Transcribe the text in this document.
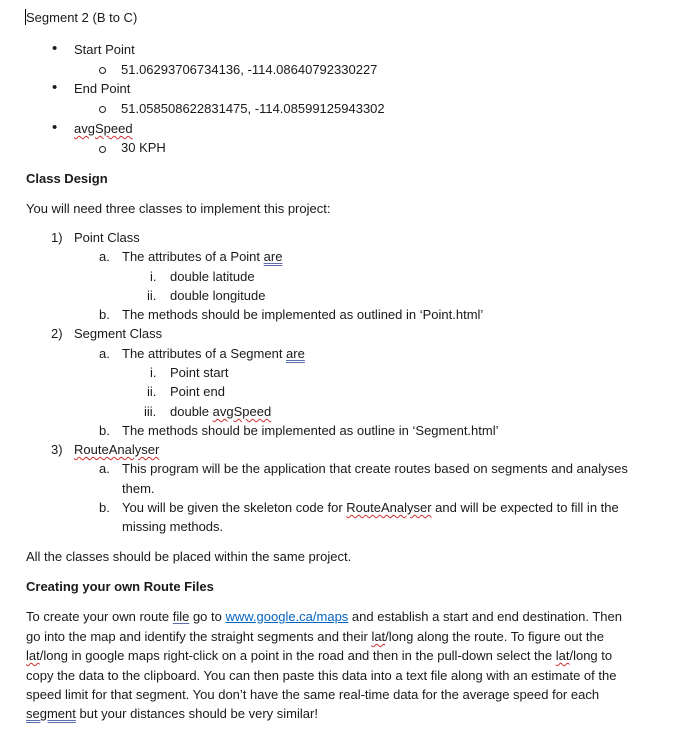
Segment 2 (B to C)
• Start Point
51.06293706734136, -114.08640792330227
• End Point
51.058508622831475, -114.08599125943302
• avgSpeed
30 KPH
Class Design
You will need three classes to implement this project:
1) Point Class
a. The attributes of a Point are
i. double latitude
ii. double longitude
b. The methods should be implemented as outlined in ‘Point.html’
2) Segment Class
a. The attributes of a Segment are
i. Point start
ii. Point end
iii. double avgSpeed
b. The methods should be implemented as outline in ‘Segment.html’
3) RouteAnalyser
a. This program will be the application that create routes based on segments and analyses
them.
b. You will be given the skeleton code for RouteAnalyser and will be expected to fill in the
missing methods.
All the classes should be placed within the same project.
Creating your own Route Files
To create your own route file go to www.google.ca/maps and establish a start and end destination. Then
go into the map and identify the straight segments and their lat/long along the route. To figure out the
lat/long in google maps right-click on a point in the road and then in the pull-down select the lat/long to
copy the data to the clipboard. You can then paste this data into a text file along with an estimate of the
speed limit for that segment. You don’t have the same real-time data for the average speed for each
segment but your distances should be very similar!
